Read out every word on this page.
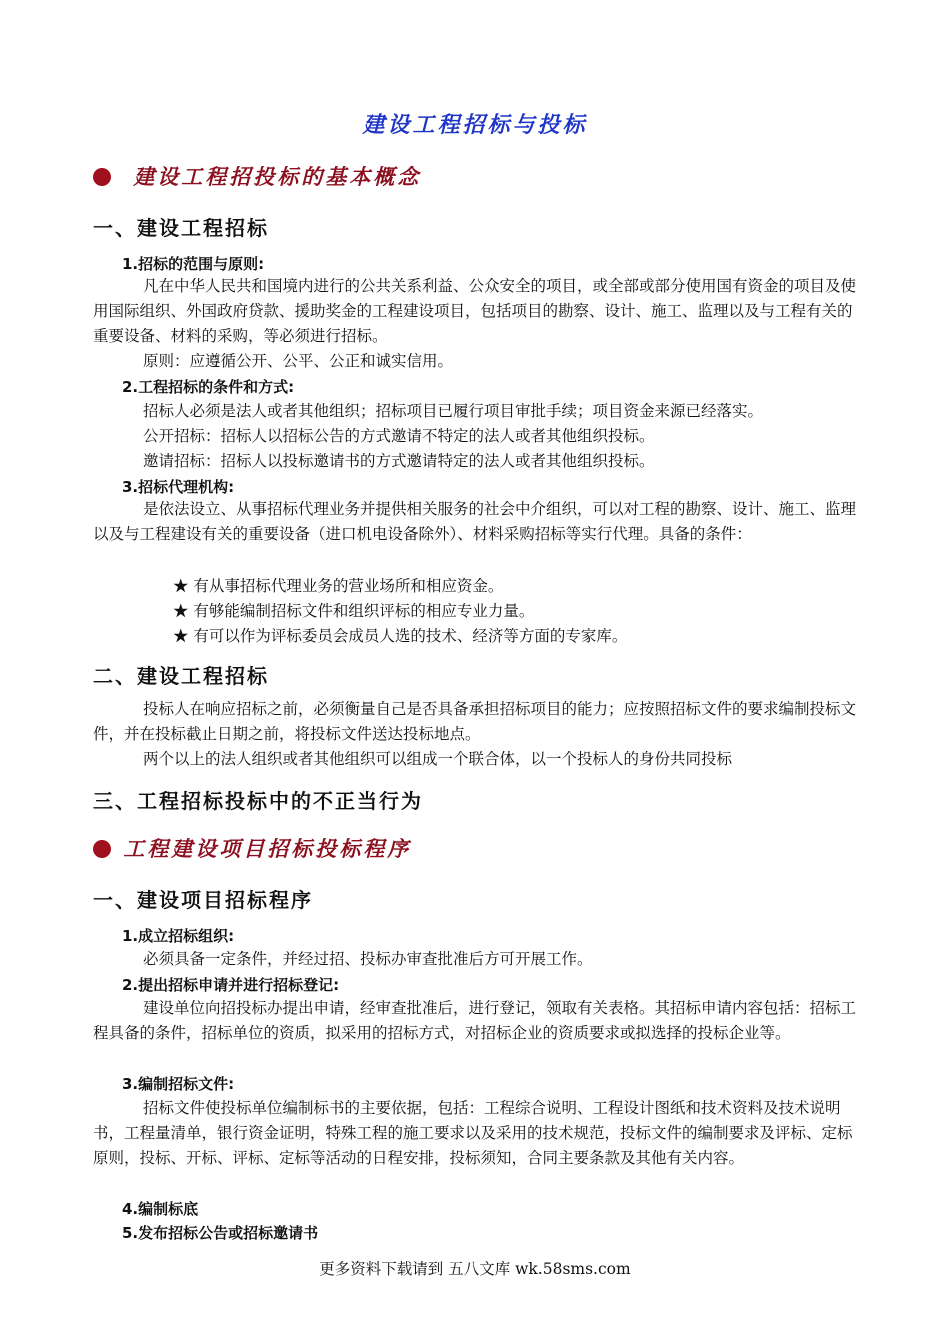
建设工程招标与投标
建设工程招投标的基本概念
一、建设工程招标
1.招标的范围与原则:
凡在中华人民共和国境内进行的公共关系利益、公众安全的项目，或全部或部分使用国有资金的项目及使用国际组织、外国政府贷款、援助奖金的工程建设项目，包括项目的勘察、设计、施工、监理以及与工程有关的重要设备、材料的采购，等必须进行招标。
原则：应遵循公开、公平、公正和诚实信用。
2.工程招标的条件和方式:
招标人必须是法人或者其他组织；招标项目已履行项目审批手续；项目资金来源已经落实。
公开招标：招标人以招标公告的方式邀请不特定的法人或者其他组织投标。
邀请招标：招标人以投标邀请书的方式邀请特定的法人或者其他组织投标。
3.招标代理机构:
是依法设立、从事招标代理业务并提供相关服务的社会中介组织，可以对工程的勘察、设计、施工、监理以及与工程建设有关的重要设备（进口机电设备除外）、材料采购招标等实行代理。具备的条件：
★ 有从事招标代理业务的营业场所和相应资金。
★ 有够能编制招标文件和组织评标的相应专业力量。
★ 有可以作为评标委员会成员人选的技术、经济等方面的专家库。
二、建设工程招标
投标人在响应招标之前，必须衡量自己是否具备承担招标项目的能力；应按照招标文件的要求编制投标文件，并在投标截止日期之前，将投标文件送达投标地点。
两个以上的法人组织或者其他组织可以组成一个联合体，以一个投标人的身份共同投标
三、工程招标投标中的不正当行为
工程建设项目招标投标程序
一、建设项目招标程序
1.成立招标组织:
必须具备一定条件，并经过招、投标办审查批准后方可开展工作。
2.提出招标申请并进行招标登记:
建设单位向招投标办提出申请，经审查批准后，进行登记，领取有关表格。其招标申请内容包括：招标工程具备的条件，招标单位的资质，拟采用的招标方式，对招标企业的资质要求或拟选择的投标企业等。
3.编制招标文件:
招标文件使投标单位编制标书的主要依据，包括：工程综合说明、工程设计图纸和技术资料及技术说明书，工程量清单，银行资金证明，特殊工程的施工要求以及采用的技术规范，投标文件的编制要求及评标、定标原则，投标、开标、评标、定标等活动的日程安排，投标须知，合同主要条款及其他有关内容。
4.编制标底
5.发布招标公告或招标邀请书
更多资料下载请到 五八文库 wk.58sms.com
